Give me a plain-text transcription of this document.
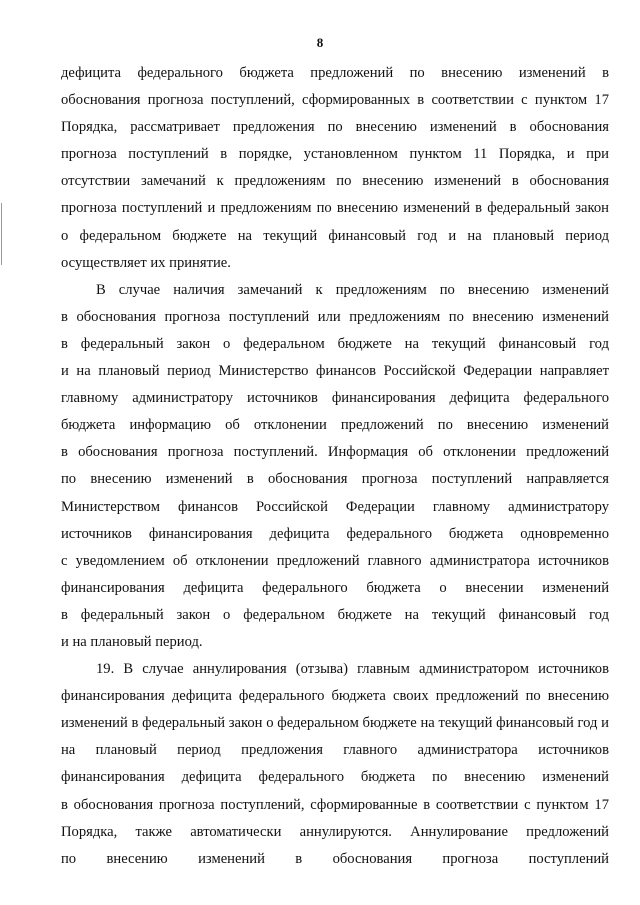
8
дефицита федерального бюджета предложений по внесению изменений в
обоснования прогноза поступлений, сформированных в соответствии с пунктом 17
Порядка, рассматривает предложения по внесению изменений в обоснования
прогноза поступлений в порядке, установленном пунктом 11 Порядка, и при
отсутствии замечаний к предложениям по внесению изменений в обоснования
прогноза поступлений и предложениям по внесению изменений в федеральный закон
о федеральном бюджете на текущий финансовый год и на плановый период
осуществляет их принятие.
В случае наличия замечаний к предложениям по внесению изменений
в обоснования прогноза поступлений или предложениям по внесению изменений
в федеральный закон о федеральном бюджете на текущий финансовый год
и на плановый период Министерство финансов Российской Федерации направляет
главному администратору источников финансирования дефицита федерального
бюджета информацию об отклонении предложений по внесению изменений
в обоснования прогноза поступлений. Информация об отклонении предложений
по внесению изменений в обоснования прогноза поступлений направляется
Министерством финансов Российской Федерации главному администратору
источников финансирования дефицита федерального бюджета одновременно
с уведомлением об отклонении предложений главного администратора источников
финансирования дефицита федерального бюджета о внесении изменений
в федеральный закон о федеральном бюджете на текущий финансовый год
и на плановый период.
19. В случае аннулирования (отзыва) главным администратором источников
финансирования дефицита федерального бюджета своих предложений по внесению
изменений в федеральный закон о федеральном бюджете на текущий финансовый год и
на плановый период предложения главного администратора источников
финансирования дефицита федерального бюджета по внесению изменений
в обоснования прогноза поступлений, сформированные в соответствии с пунктом 17
Порядка, также автоматически аннулируются. Аннулирование предложений
по внесению изменений в обоснования прогноза поступлений
